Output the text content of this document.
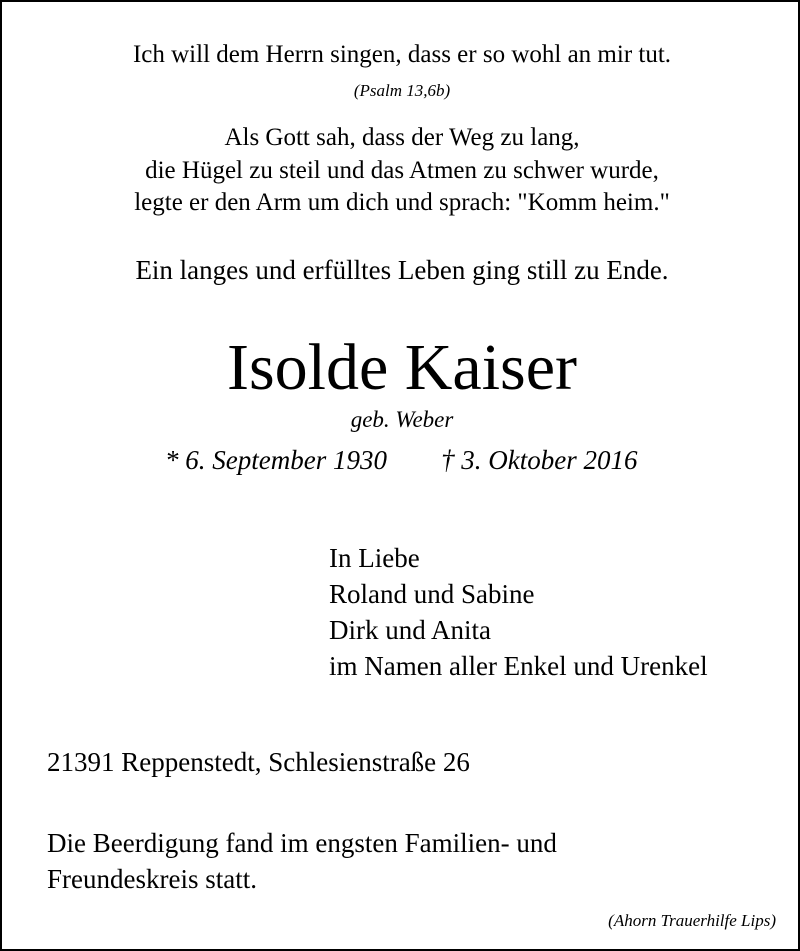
Ich will dem Herrn singen, dass er so wohl an mir tut.
(Psalm 13,6b)
Als Gott sah, dass der Weg zu lang,
die Hügel zu steil und das Atmen zu schwer wurde,
legte er den Arm um dich und sprach: "Komm heim."
Ein langes und erfülltes Leben ging still zu Ende.
Isolde Kaiser
geb. Weber
* 6. September 1930 † 3. Oktober 2016
In Liebe
Roland und Sabine
Dirk und Anita
im Namen aller Enkel und Urenkel
21391 Reppenstedt, Schlesienstraße 26
Die Beerdigung fand im engsten Familien- und
Freundeskreis statt.
(Ahorn Trauerhilfe Lips)
